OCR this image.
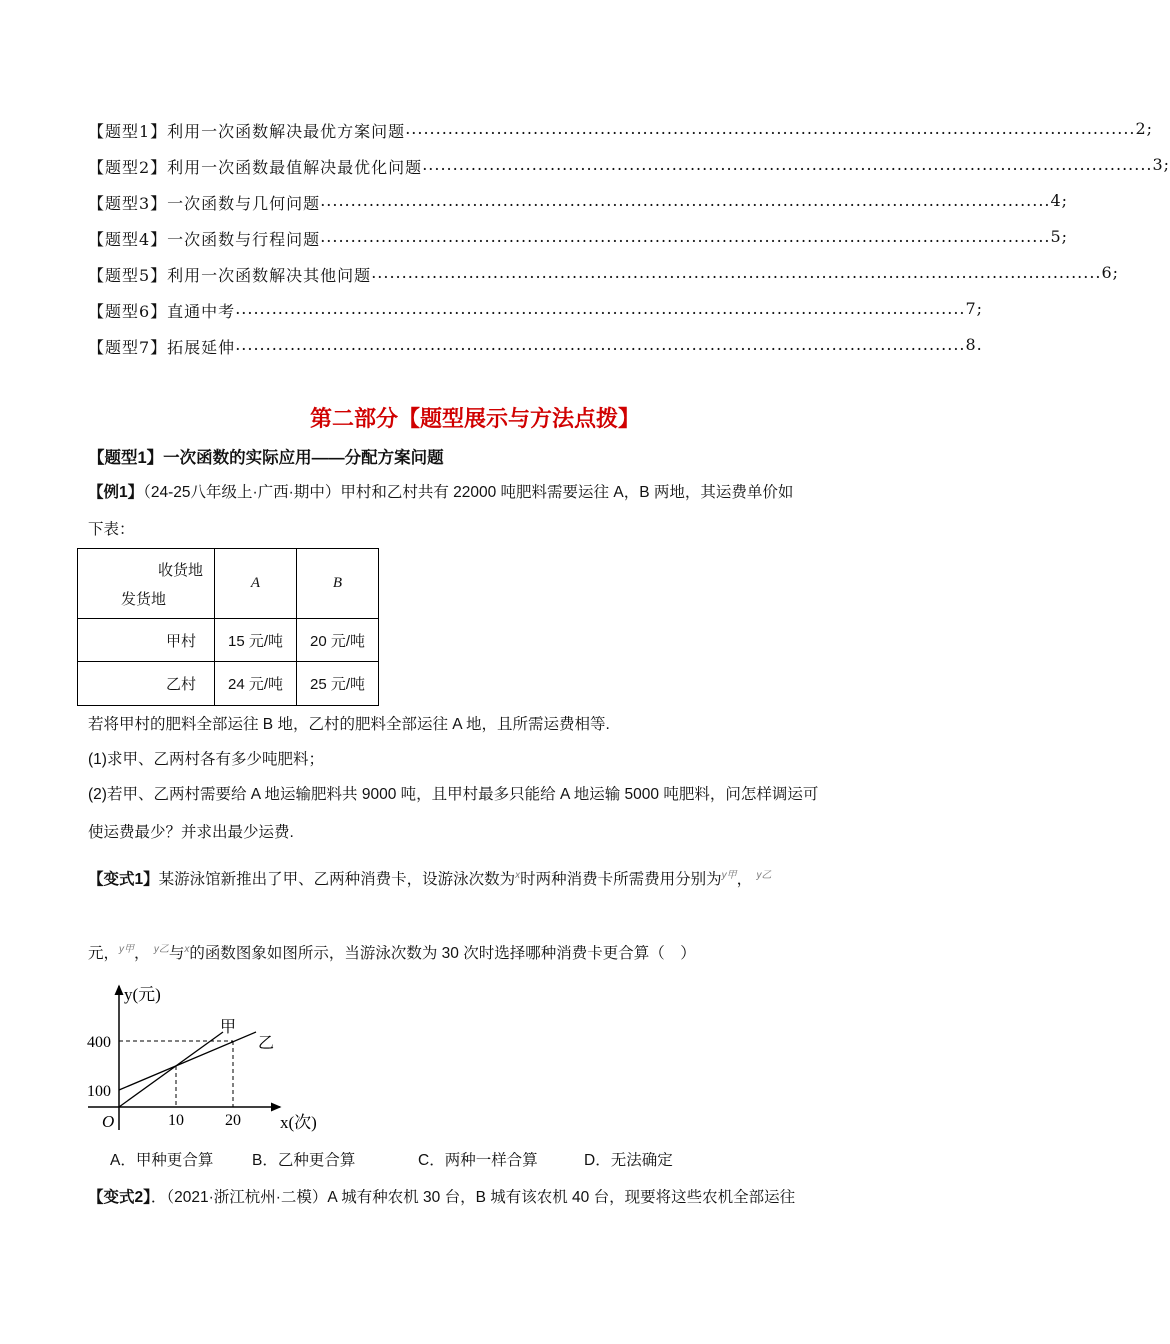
【题型1】利用一次函数解决最优方案问题 .....	2;
【题型2】利用一次函数最值解决最优化问题 .....	3;
【题型3】一次函数与几何问题 .....	4;
【题型4】一次函数与行程问题 .....	5;
【题型5】利用一次函数解决其他问题 .....	6;
【题型6】直通中考 .....	7;
【题型7】拓展延伸 .....	8.
第二部分【题型展示与方法点拨】
【题型1】一次函数的实际应用——分配方案问题
【例1】（24-25八年级上·广西·期中）甲村和乙村共有 22000 吨肥料需要运往 A，B 两地，其运费单价如
下表：
收货地
发货地	A	B
甲村	15 元/吨	20 元/吨
乙村	24 元/吨	25 元/吨
若将甲村的肥料全部运往 B 地，乙村的肥料全部运往 A 地，且所需运费相等.
(1)求甲、乙两村各有多少吨肥料；
(2)若甲、乙两村需要给 A 地运输肥料共 9000 吨，且甲村最多只能给 A 地运输 5000 吨肥料，问怎样调运可
使运费最少？并求出最少运费.
【变式1】某游泳馆新推出了甲、乙两种消费卡，设游泳次数为$^x$时两种消费卡所需费用分别为$^{y甲}$， $^{y乙}$
元，$^{y甲}$， $^{y乙}$与$^x$的函数图象如图所示，当游泳次数为 30 次时选择哪种消费卡更合算（　）
y(元)
x(次)
O
400
100
10	20
甲
乙
A．甲种更合算 B．乙种更合算	C．两种一样合算	D．无法确定
【变式2】．（2021·浙江杭州·二模）A 城有种农机 30 台，B 城有该农机 40 台，现要将这些农机全部运往
